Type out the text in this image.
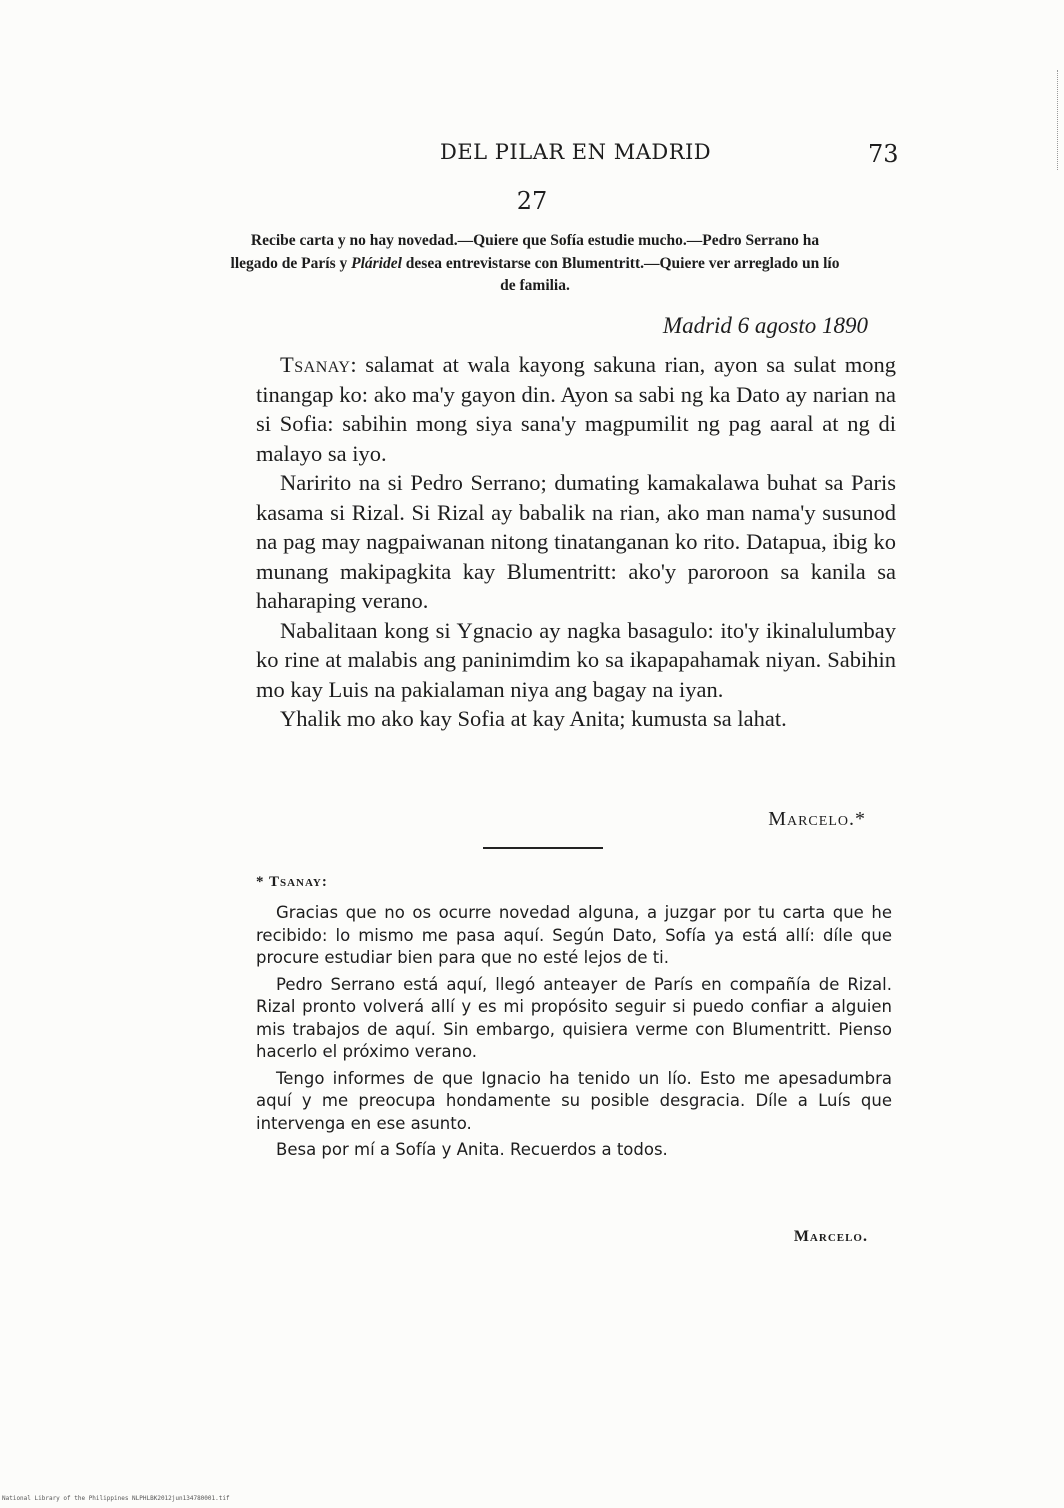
DEL PILAR EN MADRID	73
27
Recibe carta y no hay novedad.—Quiere que Sofía estudie mucho.—Pedro Serrano ha llegado de París y Pláridel desea entrevistarse con Blumentritt.—Quiere ver arreglado un lío de familia.
Madrid 6 agosto 1890

Tsanay: salamat at wala kayong sakuna rian, ayon sa sulat mong tinangap ko: ako ma'y gayon din. Ayon sa sabi ng ka Dato ay narian na si Sofia: sabihin mong siya sana'y magpumilit ng pag aaral at ng di malayo sa iyo.

Naririto na si Pedro Serrano; dumating kamakalawa buhat sa Paris kasama si Rizal. Si Rizal ay babalik na rian, ako man nama'y susunod na pag may nagpaiwanan nitong tinatanganan ko rito. Datapua, ibig ko munang makipagkita kay Blumentritt: ako'y paroroon sa kanila sa haharaping verano.

Nabalitaan kong si Ygnacio ay nagka basagulo: ito'y ikinalulumbay ko rine at malabis ang paninimdim ko sa ikapapahamak niyan. Sabihin mo kay Luis na pakialaman niya ang bagay na iyan.

Yhalik mo ako kay Sofia at kay Anita; kumusta sa lahat.

Marcelo.*
* Tsanay:

Gracias que no os ocurre novedad alguna, a juzgar por tu carta que he recibido: lo mismo me pasa aquí. Según Dato, Sofía ya está allí: díle que procure estudiar bien para que no esté lejos de ti.

Pedro Serrano está aquí, llegó anteayer de París en compañía de Rizal. Rizal pronto volverá allí y es mi propósito seguir si puedo confiar a alguien mis trabajos de aquí. Sin embargo, quisiera verme con Blumentritt. Pienso hacerlo el próximo verano.

Tengo informes de que Ignacio ha tenido un lío. Esto me apesadumbra aquí y me preocupa hondamente su posible desgracia. Díle a Luís que intervenga en ese asunto.

Besa por mí a Sofía y Anita. Recuerdos a todos.

Marcelo.
National Library of the Philippines NLPHLBK2012jun134780001.tif
